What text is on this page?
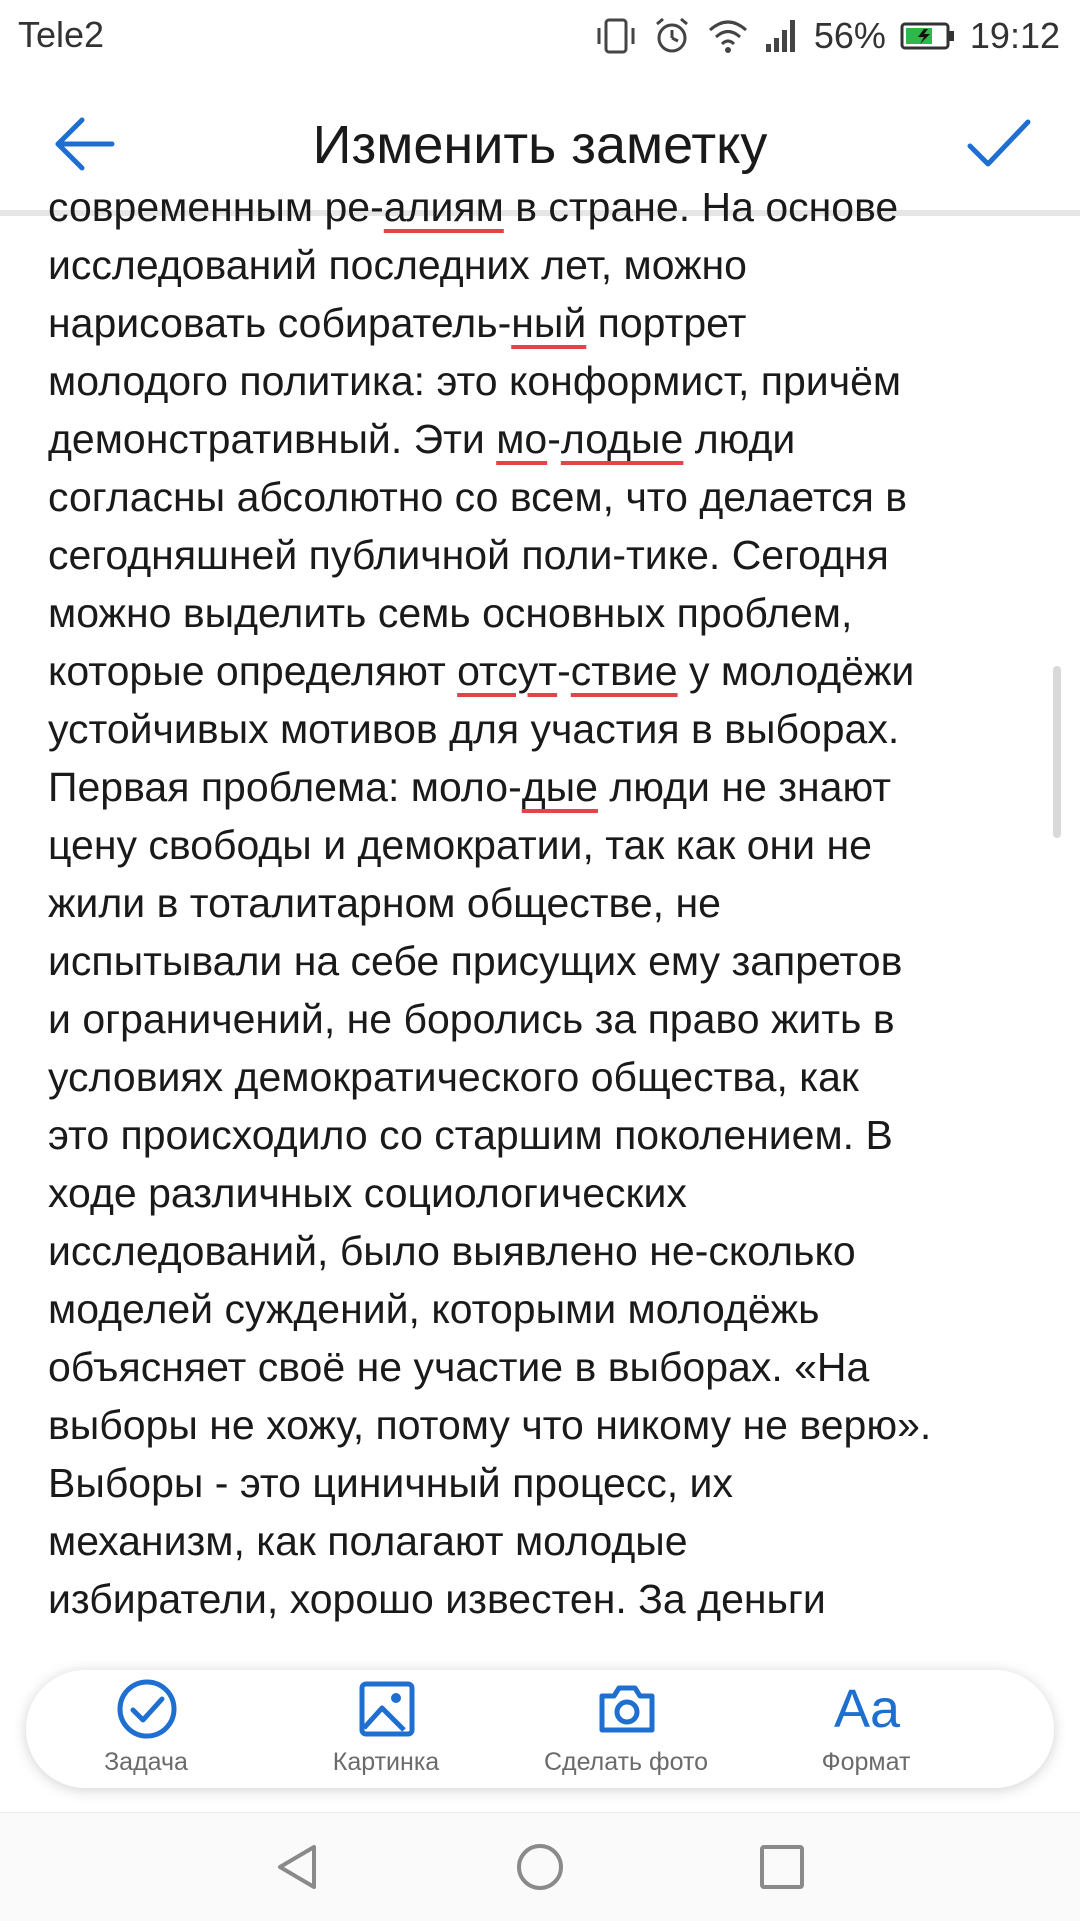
Tele2	56% 19:12
Изменить заметку
современным ре-алиям в стране. На основе
исследований последних лет, можно
нарисовать собиратель-ный портрет
молодого политика: это конформист, причём
демонстративный. Эти мо-лодые люди
согласны абсолютно со всем, что делается в
сегодняшней публичной поли-тике. Сегодня
можно выделить семь основных проблем,
которые определяют отсут-ствие у молодёжи
устойчивых мотивов для участия в выборах.
Первая проблема: моло-дые люди не знают
цену свободы и демократии, так как они не
жили в тоталитарном обществе, не
испытывали на себе присущих ему запретов
и ограничений, не боролись за право жить в
условиях демократического общества, как
это происходило со старшим поколением. В
ходе различных социологических
исследований, было выявлено не-сколько
моделей суждений, которыми молодёжь
объясняет своё не участие в выборах. «На
выборы не хожу, потому что никому не верю».
Выборы - это циничный процесс, их
механизм, как полагают молодые
избиратели, хорошо известен. За деньги
Задача	Картинка	Сделать фото
Aa
Формат
